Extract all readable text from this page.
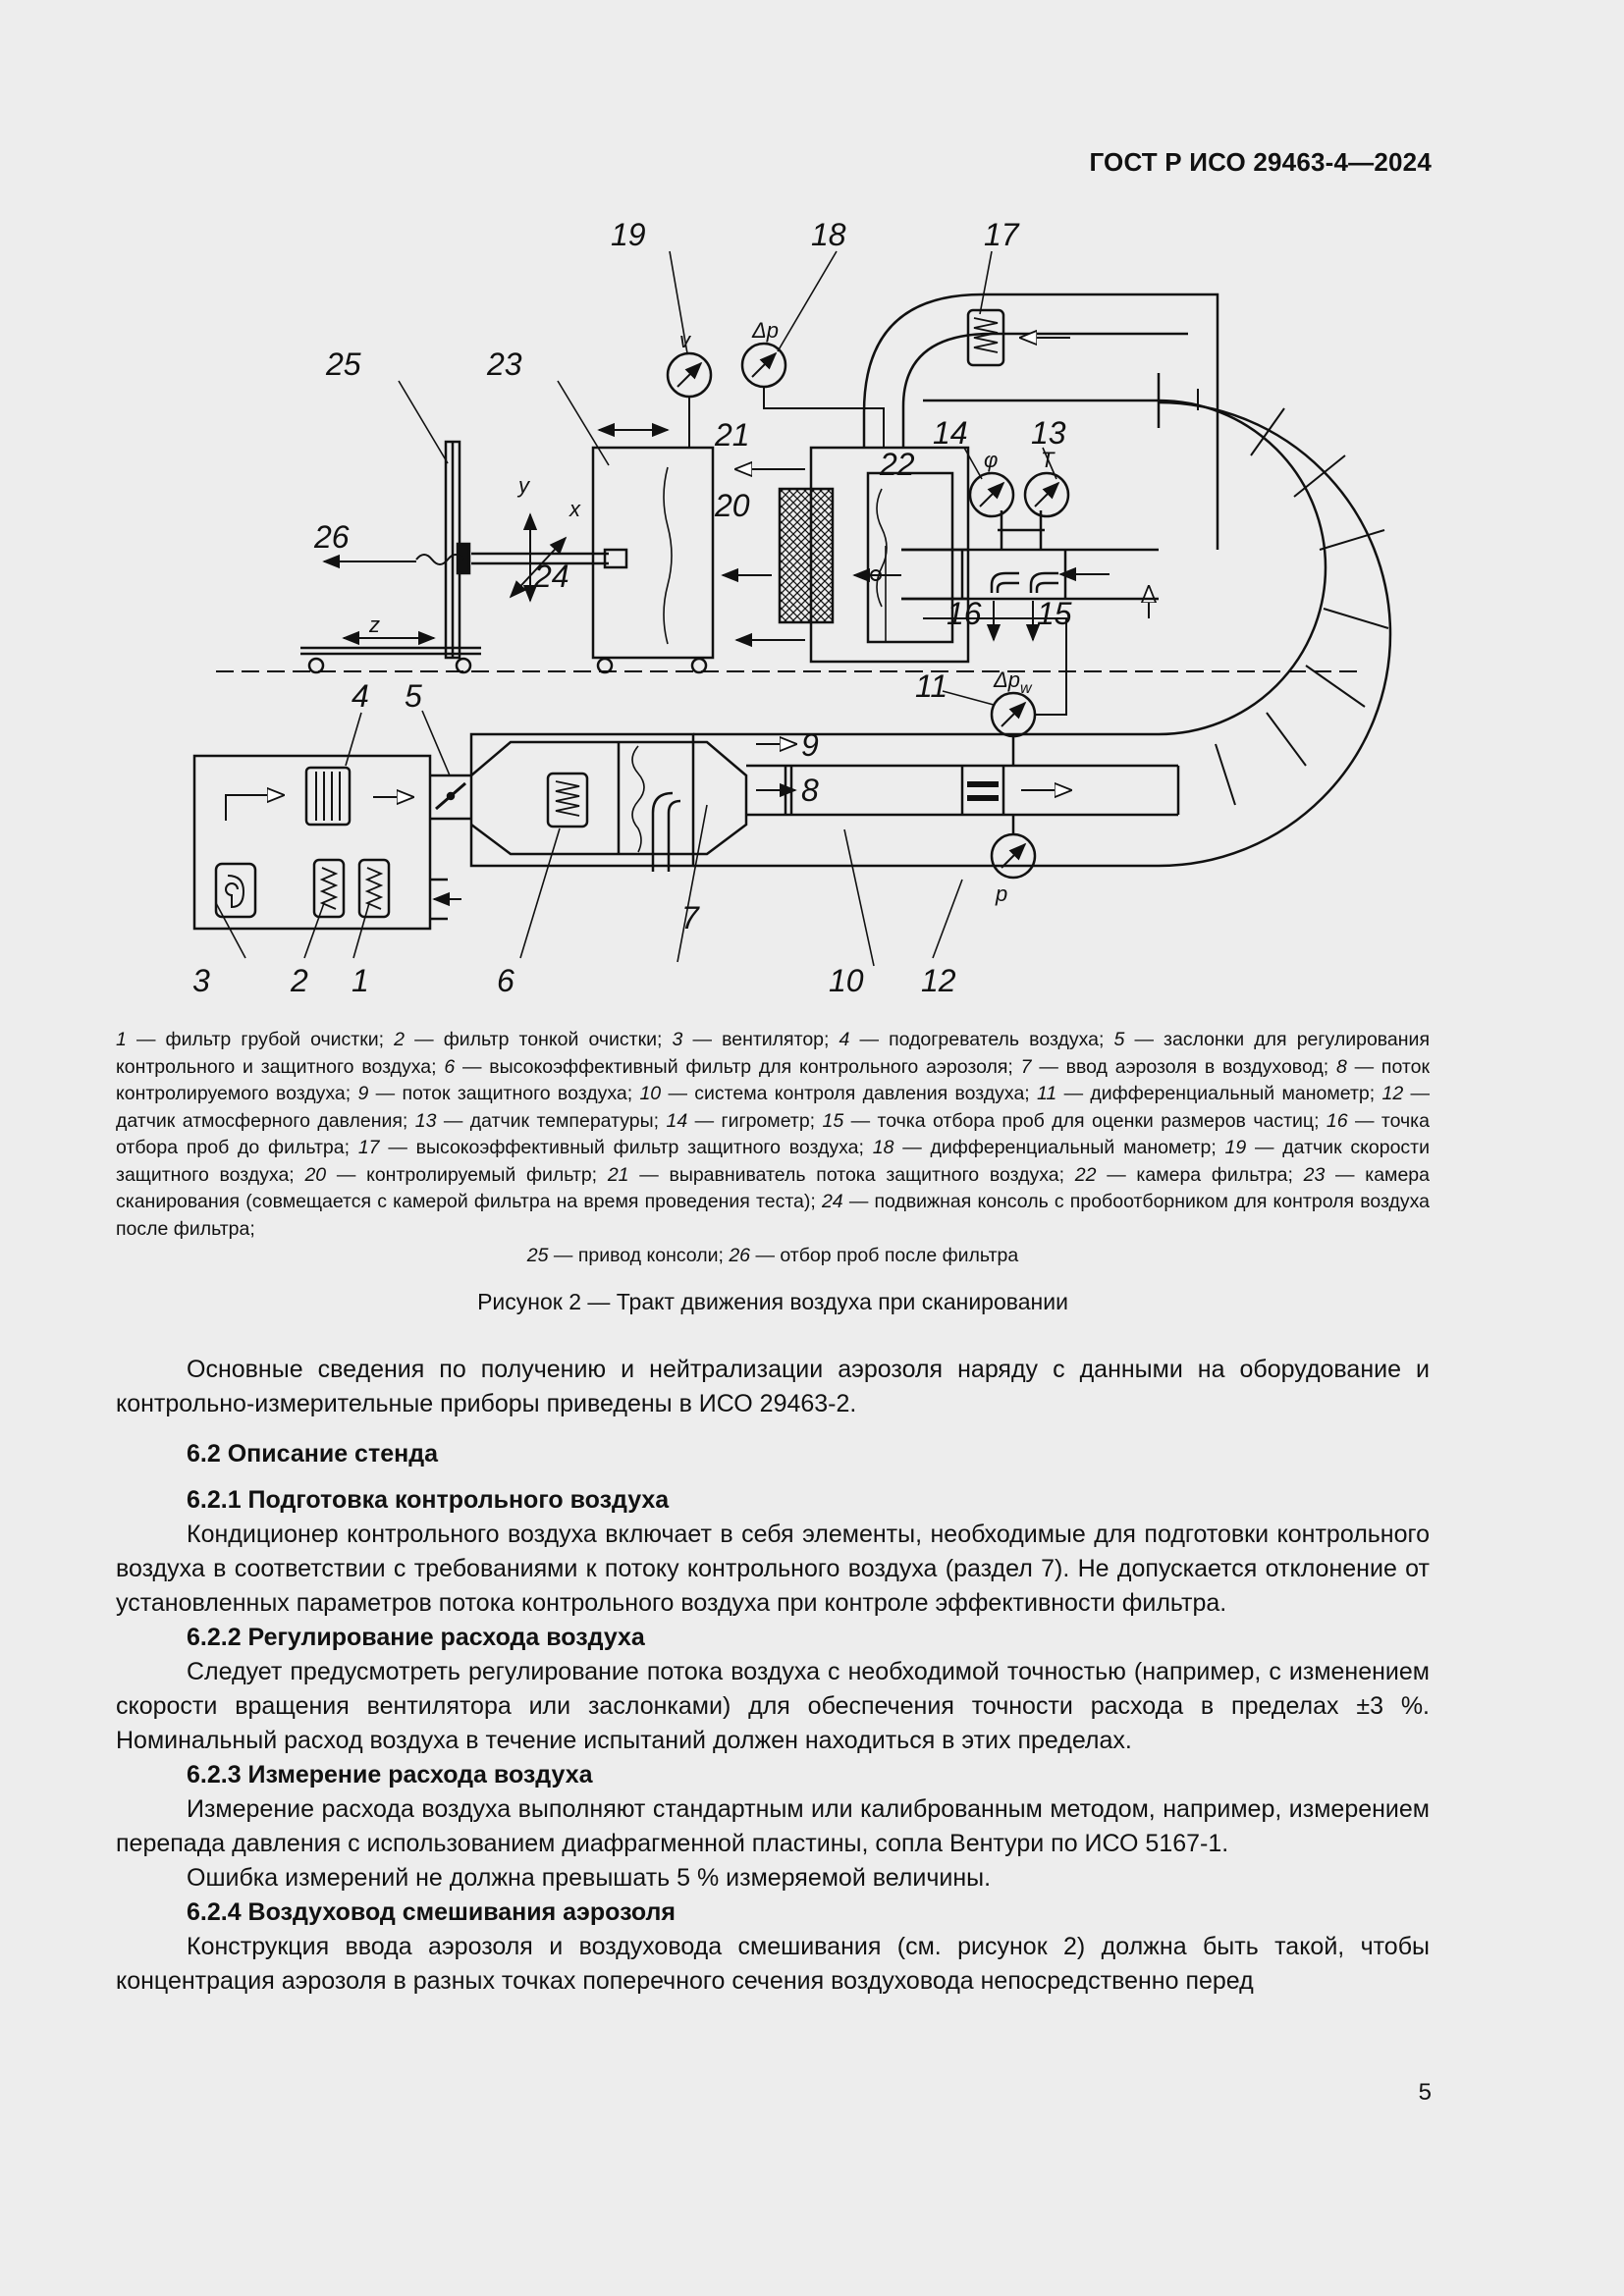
ГОСТ Р ИСО 29463-4—2024
1
2
3
4 5
6
7
8
9
10
11
12
13
14
15
16
17
18
19
20
21
22
23
24
25
26
v	Δp
φ T
$\Delta p_w$
p
x
y
z
1 — фильтр грубой очистки; 2 — фильтр тонкой очистки; 3 — вентилятор; 4 — подогреватель воздуха; 5 — заслонки для регулирования контрольного и защитного воздуха; 6 — высокоэффективный фильтр для контрольного аэрозоля; 7 — ввод аэрозоля в воздуховод; 8 — поток контролируемого воздуха; 9 — поток защитного воздуха; 10 — система контроля давления воздуха; 11 — дифференциальный манометр; 12 — датчик атмосферного давления; 13 — датчик температуры; 14 — гигрометр; 15 — точка отбора проб для оценки размеров частиц; 16 — точка отбора проб до фильтра; 17 — высокоэффективный фильтр защитного воздуха; 18 — дифференциальный манометр; 19 — датчик скорости защитного воздуха; 20 — контролируемый фильтр; 21 — выравниватель потока защитного воздуха; 22 — камера фильтра; 23 — камера сканирования (совмещается с камерой фильтра на время проведения теста); 24 — подвижная консоль с пробоотборником для контроля воздуха после фильтра;
25 — привод консоли; 26 — отбор проб после фильтра
Рисунок 2 — Тракт движения воздуха при сканировании

Основные сведения по получению и нейтрализации аэрозоля наряду с данными на оборудование и контрольно-измерительные приборы приведены в ИСО 29463-2.

6.2 Описание стенда
6.2.1 Подготовка контрольного воздуха

Кондиционер контрольного воздуха включает в себя элементы, необходимые для подготовки контрольного воздуха в соответствии с требованиями к потоку контрольного воздуха (раздел 7). Не допускается отклонение от установленных параметров потока контрольного воздуха при контроле эффективности фильтра.

6.2.2 Регулирование расхода воздуха

Следует предусмотреть регулирование потока воздуха с необходимой точностью (например, с изменением скорости вращения вентилятора или заслонками) для обеспечения точности расхода в пределах ±3 %. Номинальный расход воздуха в течение испытаний должен находиться в этих пределах.

6.2.3 Измерение расхода воздуха

Измерение расхода воздуха выполняют стандартным или калиброванным методом, например, измерением перепада давления с использованием диафрагменной пластины, сопла Вентури по ИСО 5167-1.

Ошибка измерений не должна превышать 5 % измеряемой величины.

6.2.4 Воздуховод смешивания аэрозоля

Конструкция ввода аэрозоля и воздуховода смешивания (см. рисунок 2) должна быть такой, чтобы концентрация аэрозоля в разных точках поперечного сечения воздуховода непосредственно перед

5
